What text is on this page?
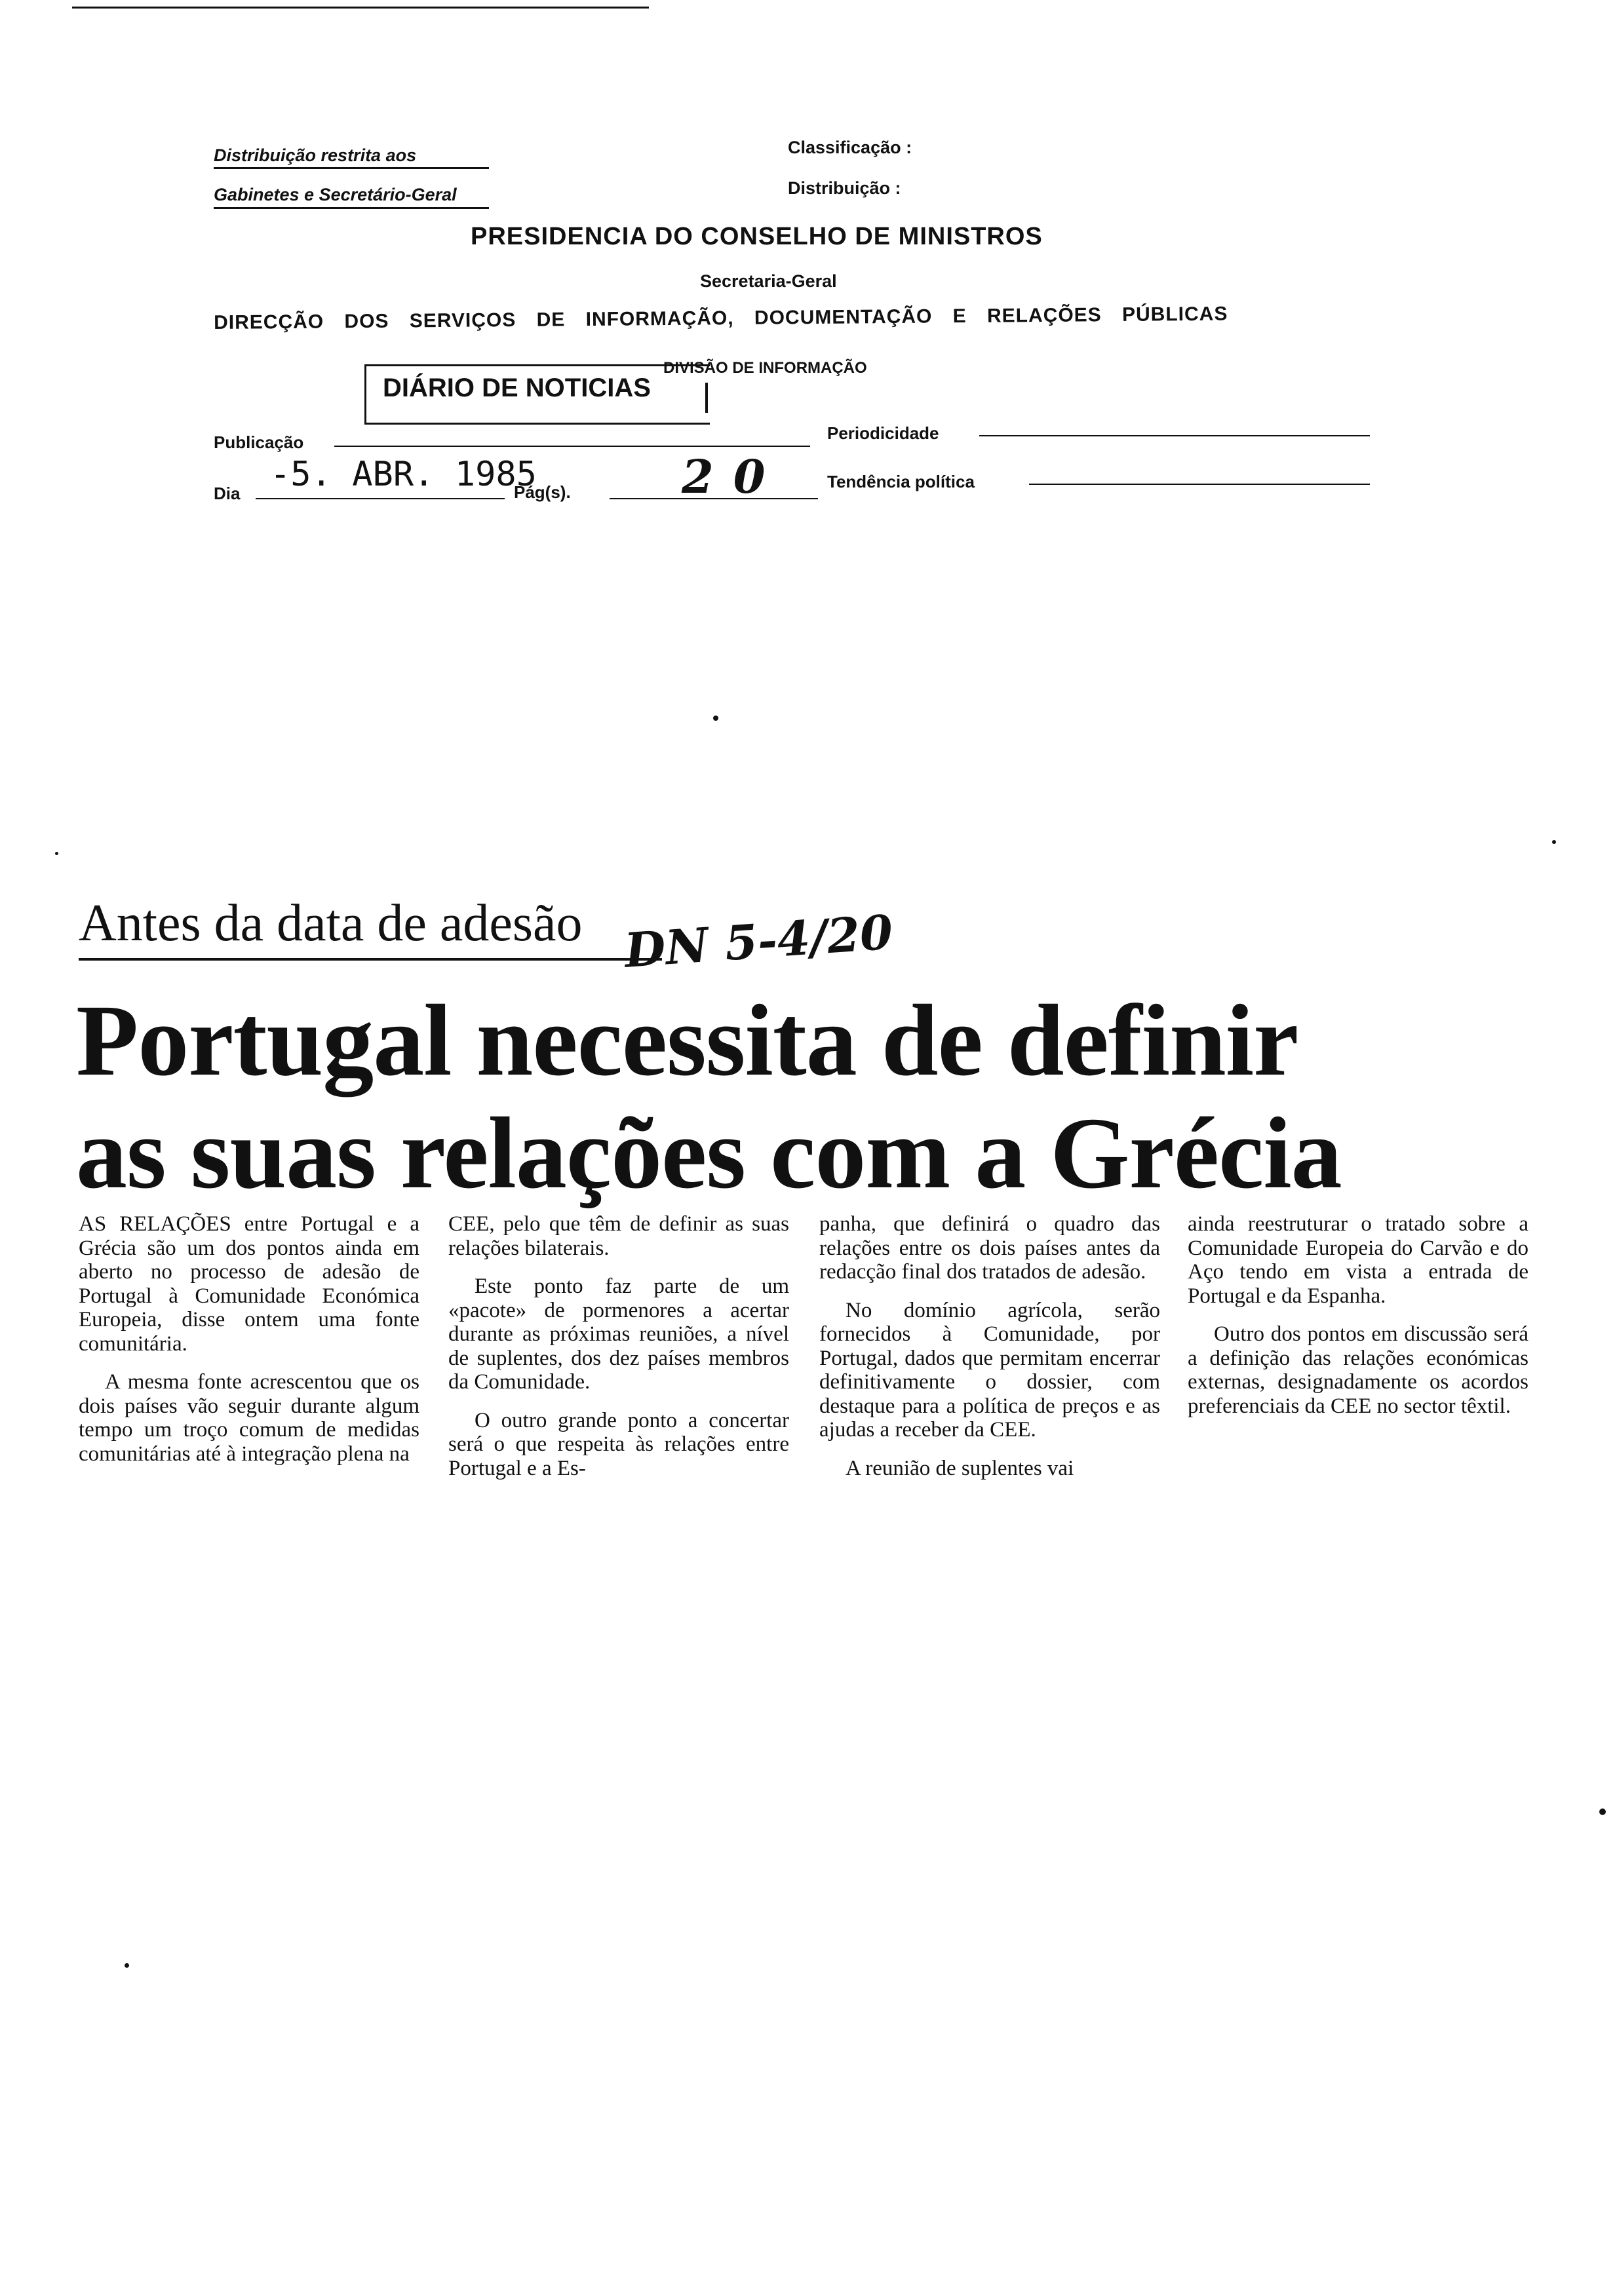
Distribuição restrita aos
Gabinetes e Secretário-Geral
Classificação :
Distribuição :
PRESIDENCIA DO CONSELHO DE MINISTROS
Secretaria-Geral
DIRECÇÃO DOS SERVIÇOS DE INFORMAÇÃO, DOCUMENTAÇÃO E RELAÇÕES PÚBLICAS
DIÁRIO DE NOTICIAS
DIVISÃO DE INFORMAÇÃO
Publicação	Periodicidade
Dia -5. ABR. 1985
Pág(s). 20 Tendência política
Antes da data de adesão DN 5-4/20
Portugal necessita de definir
as suas relações com a Grécia

AS RELAÇÕES entre Portugal e a Grécia são um dos pontos ainda em aberto no processo de adesão de Portugal à Comunidade Económica Europeia, disse ontem uma fonte comunitária.

A mesma fonte acrescentou que os dois países vão seguir durante algum tempo um troço comum de medidas comunitárias até à integração plena na

CEE, pelo que têm de definir as suas relações bilaterais.

Este ponto faz parte de um «pacote» de pormenores a acertar durante as próximas reuniões, a nível de suplentes, dos dez países membros da Comunidade.

O outro grande ponto a concertar será o que respeita às relações entre Portugal e a Es-

panha, que definirá o quadro das relações entre os dois países antes da redacção final dos tratados de adesão.

No domínio agrícola, serão fornecidos à Comunidade, por Portugal, dados que permitam encerrar definitivamente o dossier, com destaque para a política de preços e as ajudas a receber da CEE.

A reunião de suplentes vai

ainda reestruturar o tratado sobre a Comunidade Europeia do Carvão e do Aço tendo em vista a entrada de Portugal e da Espanha.

Outro dos pontos em discussão será a definição das relações económicas externas, designadamente os acordos preferenciais da CEE no sector têxtil.
